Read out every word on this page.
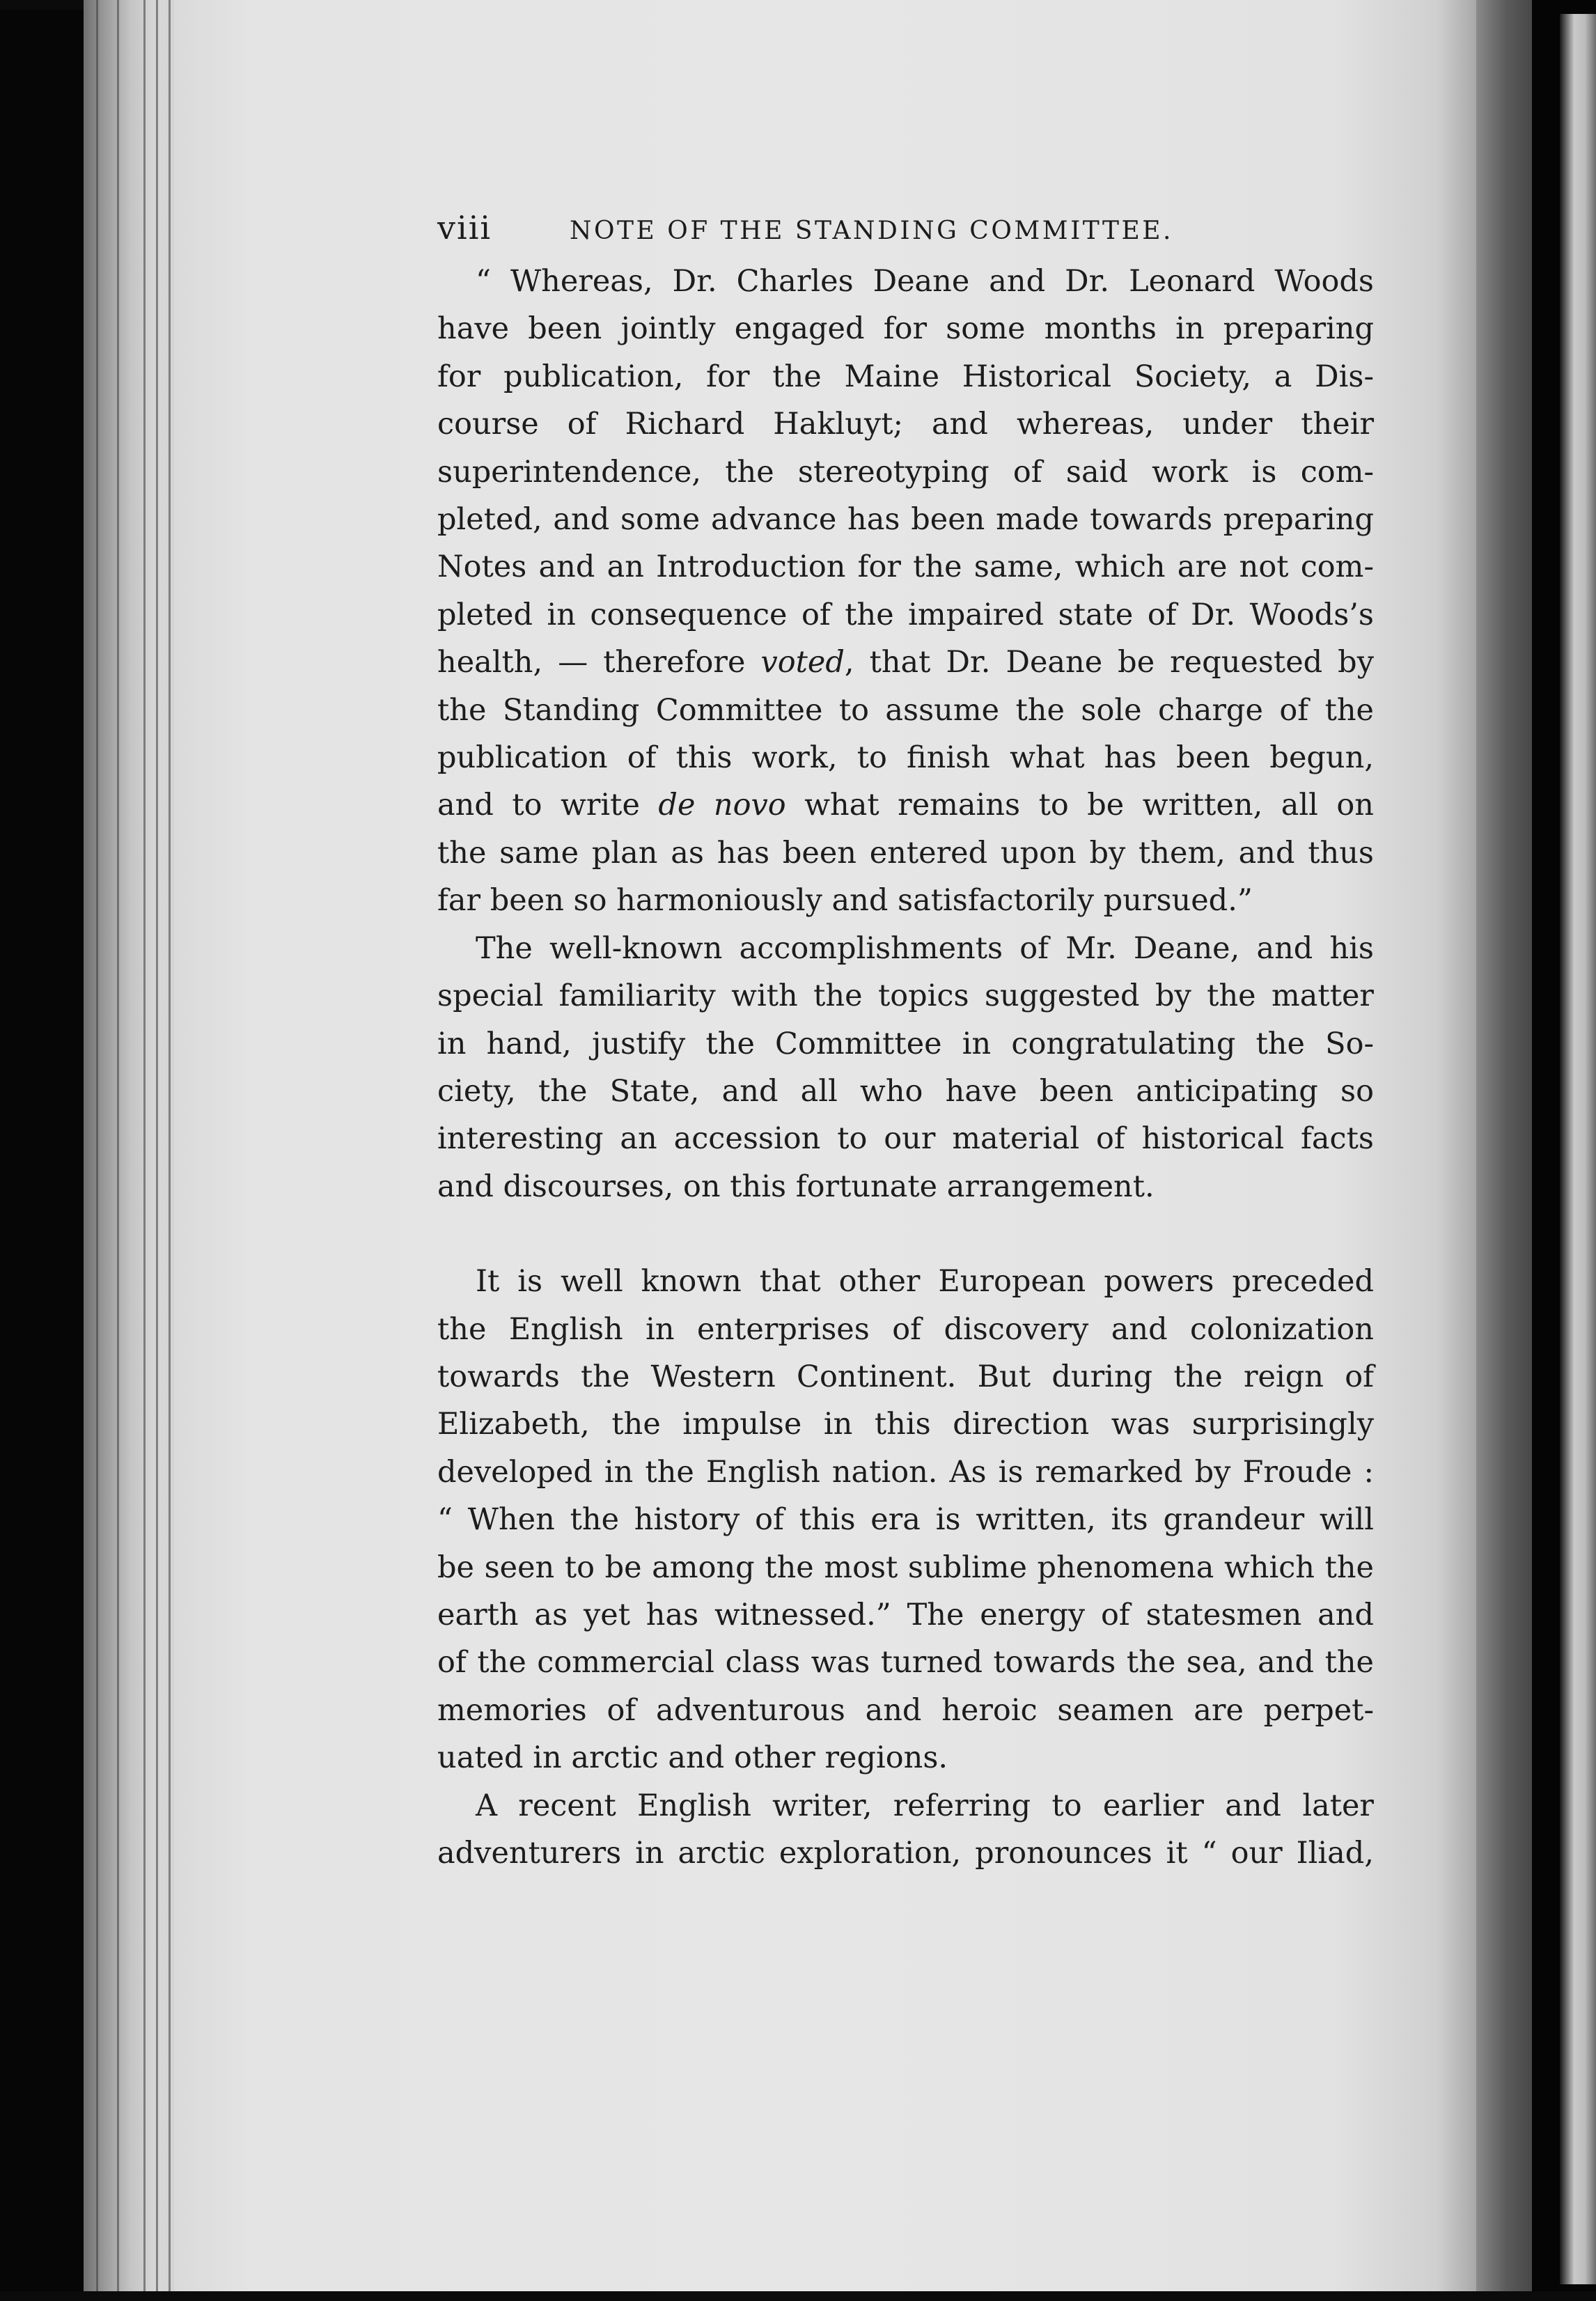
viii	NOTE OF THE STANDING COMMITTEE.

“ Whereas, Dr. Charles Deane and Dr. Leonard Woods
have been jointly engaged for some months in preparing
for publication, for the Maine Historical Society, a Dis-
course of Richard Hakluyt; and whereas, under their
superintendence, the stereotyping of said work is com-
pleted, and some advance has been made towards preparing
Notes and an Introduction for the same, which are not com-
pleted in consequence of the impaired state of Dr. Woods’s
health, — therefore voted, that Dr. Deane be requested by
the Standing Committee to assume the sole charge of the
publication of this work, to finish what has been begun,
and to write de novo what remains to be written, all on
the same plan as has been entered upon by them, and thus
far been so harmoniously and satisfactorily pursued.”

The well-known accomplishments of Mr. Deane, and his
special familiarity with the topics suggested by the matter
in hand, justify the Committee in congratulating the So-
ciety, the State, and all who have been anticipating so
interesting an accession to our material of historical facts
and discourses, on this fortunate arrangement.

It is well known that other European powers preceded
the English in enterprises of discovery and colonization
towards the Western Continent. But during the reign of
Elizabeth, the impulse in this direction was surprisingly
developed in the English nation. As is remarked by Froude :
“ When the history of this era is written, its grandeur will
be seen to be among the most sublime phenomena which the
earth as yet has witnessed.” The energy of statesmen and
of the commercial class was turned towards the sea, and the
memories of adventurous and heroic seamen are perpet-
uated in arctic and other regions.

A recent English writer, referring to earlier and later
adventurers in arctic exploration, pronounces it “ our Iliad,
